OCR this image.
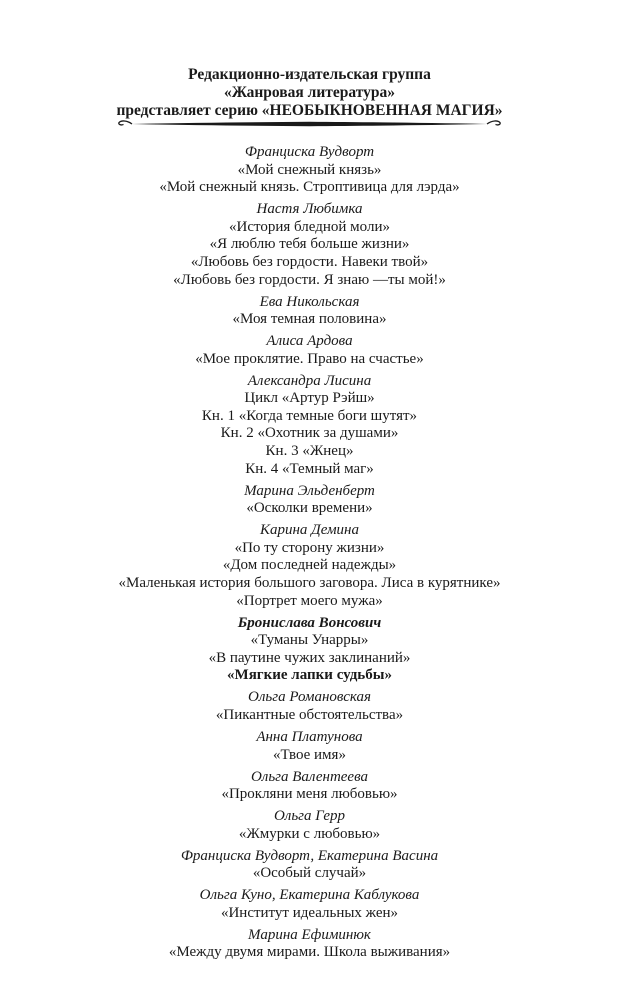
Редакционно-издательская группа
«Жанровая литература»
представляет серию «НЕОБЫКНОВЕННАЯ МАГИЯ»
Франциска Вудворт
«Мой снежный князь»
«Мой снежный князь. Строптивица для лэрда»
Настя Любимка
«История бледной моли»
«Я люблю тебя больше жизни»
«Любовь без гордости. Навеки твой»
«Любовь без гордости. Я знаю —ты мой!»
Ева Никольская
«Моя темная половина»
Алиса Ардова
«Мое проклятие. Право на счастье»
Александра Лисина
Цикл «Артур Рэйш»
Кн. 1 «Когда темные боги шутят»
Кн. 2 «Охотник за душами»
Кн. 3 «Жнец»
Кн. 4 «Темный маг»
Марина Эльденберт
«Осколки времени»
Карина Демина
«По ту сторону жизни»
«Дом последней надежды»
«Маленькая история большого заговора. Лиса в курятнике»
«Портрет моего мужа»
Бронислава Вонсович
«Туманы Унарры»
«В паутине чужих заклинаний»
«Мягкие лапки судьбы»
Ольга Романовская
«Пикантные обстоятельства»
Анна Платунова
«Твое имя»
Ольга Валентеева
«Прокляни меня любовью»
Ольга Герр
«Жмурки с любовью»
Франциска Вудворт, Екатерина Васина
«Особый случай»
Ольга Куно, Екатерина Каблукова
«Институт идеальных жен»
Марина Ефиминюк
«Между двумя мирами. Школа выживания»
